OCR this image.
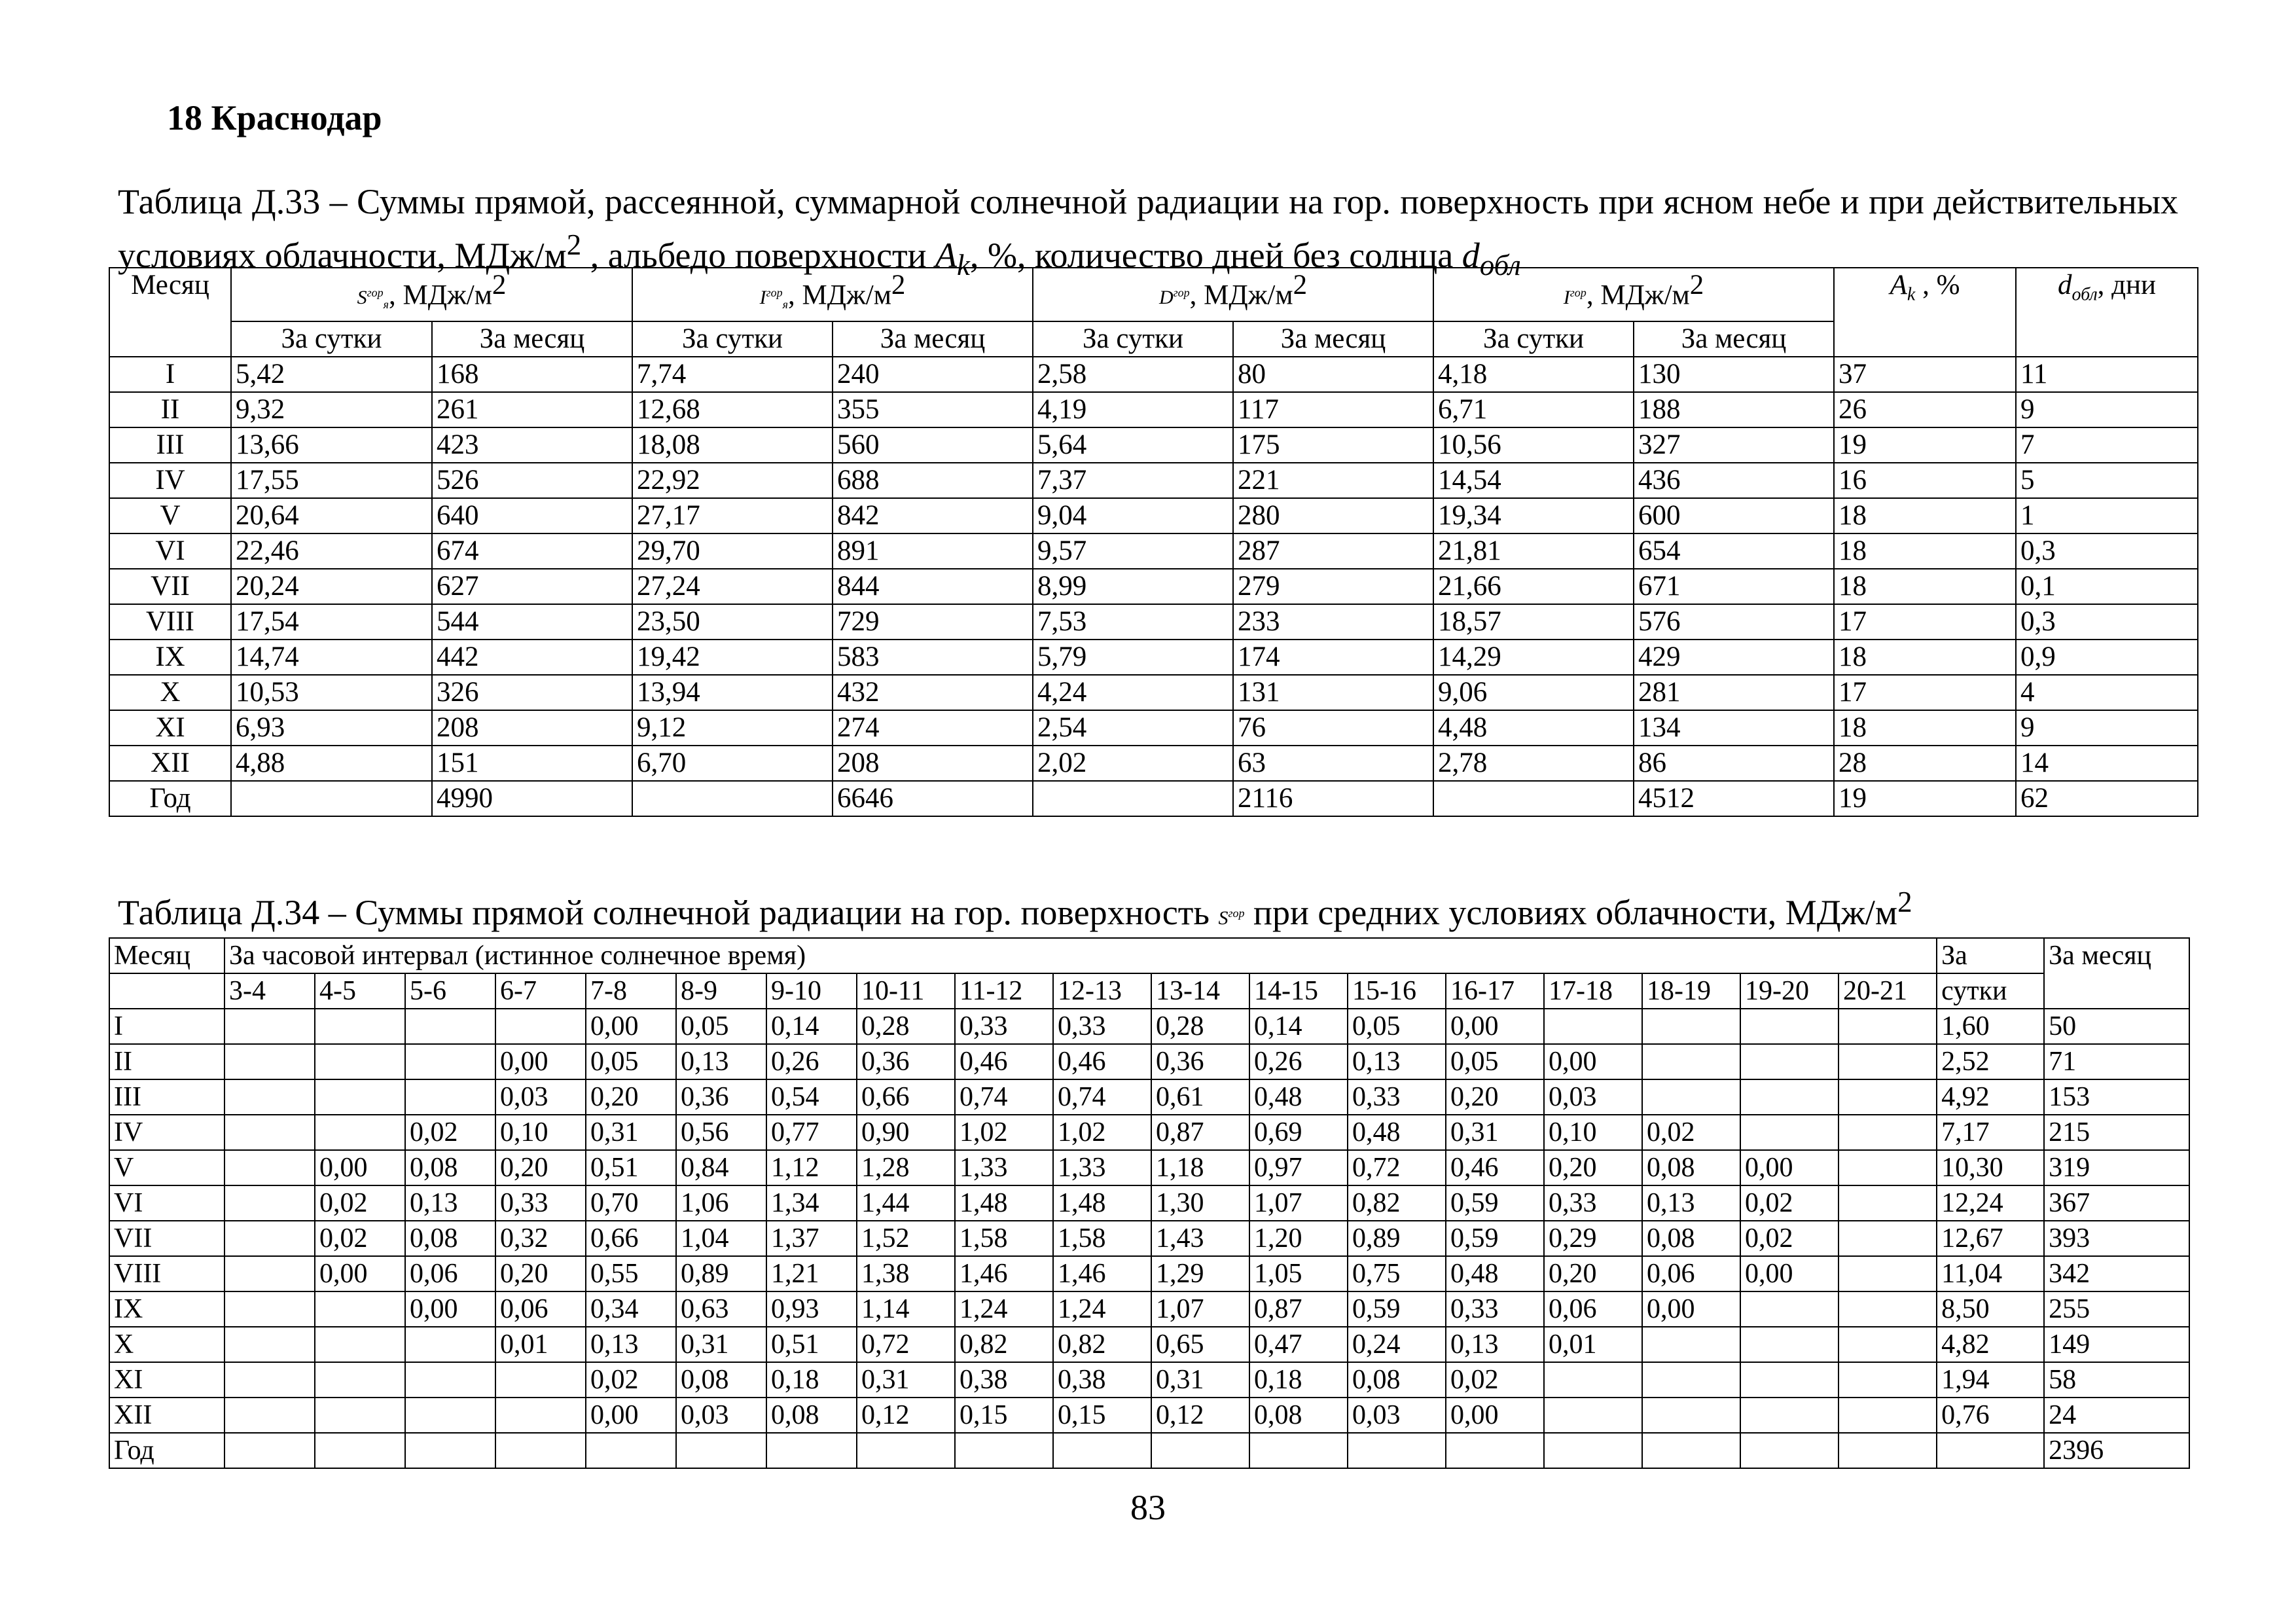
18 Краснодар
Таблица Д.33 – Суммы прямой, рассеянной, суммарной солнечной радиации на гор. поверхность при ясном небе и при действительных условиях облачности, МДж/$м^2$ , альбедо поверхности $A_k$, %, количество дней без солнца $d_{обл}$
Месяц	$S^{гор}_я$, МДж/$м^2$		$I^{гор}_я$, МДж/$м^2$		$D^{гор}$, МДж/$м^2$		$I^{гор}$, МДж/$м^2$		$A_k$ , %	$d_{обл}$, дни
	За сутки	За месяц	За сутки	За месяц	За сутки	За месяц	За сутки	За месяц		
I	5,42	168	7,74	240	2,58	80	4,18	130	37	11
II	9,32	261	12,68	355	4,19	117	6,71	188	26	9
III	13,66	423	18,08	560	5,64	175	10,56	327	19	7
IV	17,55	526	22,92	688	7,37	221	14,54	436	16	5
V	20,64	640	27,17	842	9,04	280	19,34	600	18	1
VI	22,46	674	29,70	891	9,57	287	21,81	654	18	0,3
VII	20,24	627	27,24	844	8,99	279	21,66	671	18	0,1
VIII	17,54	544	23,50	729	7,53	233	18,57	576	17	0,3
IX	14,74	442	19,42	583	5,79	174	14,29	429	18	0,9
X	10,53	326	13,94	432	4,24	131	9,06	281	17	4
XI	6,93	208	9,12	274	2,54	76	4,48	134	18	9
XII	4,88	151	6,70	208	2,02	63	2,78	86	28	14
Год		4990		6646		2116		4512	19	62
Таблица Д.34 – Суммы прямой солнечной радиации на гор. поверхность $S^{гор}$ при средних условиях облачности, МДж/$м^2$
Месяц	За часовой интервал (истинное солнечное время)																		За	За месяц
	3-4	4-5	5-6	6-7	7-8	8-9	9-10	10-11	11-12	12-13	13-14	14-15	15-16	16-17	17-18	18-19	19-20	20-21	сутки	
I					0,00	0,05	0,14	0,28	0,33	0,33	0,28	0,14	0,05	0,00					1,60	50
II				0,00	0,05	0,13	0,26	0,36	0,46	0,46	0,36	0,26	0,13	0,05	0,00				2,52	71
III				0,03	0,20	0,36	0,54	0,66	0,74	0,74	0,61	0,48	0,33	0,20	0,03				4,92	153
IV			0,02	0,10	0,31	0,56	0,77	0,90	1,02	1,02	0,87	0,69	0,48	0,31	0,10	0,02			7,17	215
V		0,00	0,08	0,20	0,51	0,84	1,12	1,28	1,33	1,33	1,18	0,97	0,72	0,46	0,20	0,08	0,00		10,30	319
VI		0,02	0,13	0,33	0,70	1,06	1,34	1,44	1,48	1,48	1,30	1,07	0,82	0,59	0,33	0,13	0,02		12,24	367
VII		0,02	0,08	0,32	0,66	1,04	1,37	1,52	1,58	1,58	1,43	1,20	0,89	0,59	0,29	0,08	0,02		12,67	393
VIII		0,00	0,06	0,20	0,55	0,89	1,21	1,38	1,46	1,46	1,29	1,05	0,75	0,48	0,20	0,06	0,00		11,04	342
IX			0,00	0,06	0,34	0,63	0,93	1,14	1,24	1,24	1,07	0,87	0,59	0,33	0,06	0,00			8,50	255
X				0,01	0,13	0,31	0,51	0,72	0,82	0,82	0,65	0,47	0,24	0,13	0,01				4,82	149
XI					0,02	0,08	0,18	0,31	0,38	0,38	0,31	0,18	0,08	0,02					1,94	58
XII					0,00	0,03	0,08	0,12	0,15	0,15	0,12	0,08	0,03	0,00					0,76	24
Год																				2396
83
